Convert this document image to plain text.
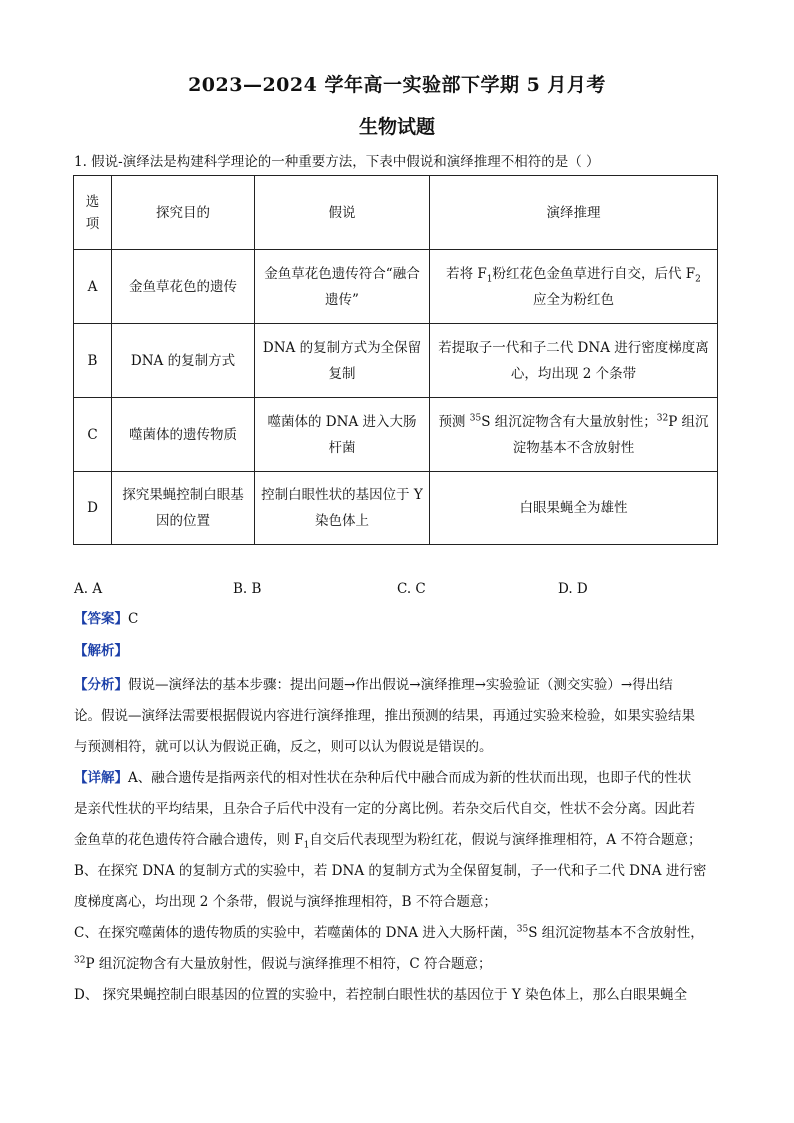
2023—2024 学年高一实验部下学期 5 月月考
生物试题
1. 假说-演绎法是构建科学理论的一种重要方法，下表中假说和演绎推理不相符的是（ ）
选项	探究目的	假说	演绎推理
A	金鱼草花色的遗传	金鱼草花色遗传符合“融合遗传”	若将 $F_1$粉红花色金鱼草进行自交，后代 $F_2$
应全为粉红色
B	DNA 的复制方式	DNA 的复制方式为全保留复制	若提取子一代和子二代 DNA 进行密度梯度离心，均出现 2 个条带
C	噬菌体的遗传物质	噬菌体的 DNA 进入大肠杆菌	预测 $^{35}$S 组沉淀物含有大量放射性；$^{32}$P 组沉淀物基本不含放射性
D	探究果蝇控制白眼基因的位置	控制白眼性状的基因位于 Y 染色体上	白眼果蝇全为雄性
A. A	B. B	C. C	D. D
【答案】C
【解析】
【分析】假说—演绎法的基本步骤：提出问题→作出假说→演绎推理→实验验证（测交实验）→得出结
论。假说—演绎法需要根据假说内容进行演绎推理，推出预测的结果，再通过实验来检验，如果实验结果
与预测相符，就可以认为假说正确，反之，则可以认为假说是错误的。
【详解】A、融合遗传是指两亲代的相对性状在杂种后代中融合而成为新的性状而出现，也即子代的性状
是亲代性状的平均结果，且杂合子后代中没有一定的分离比例。若杂交后代自交，性状不会分离。因此若
金鱼草的花色遗传符合融合遗传，则 $F_1$自交后代表现型为粉红花，假说与演绎推理相符，A 不符合题意；
B、在探究 DNA 的复制方式的实验中，若 DNA 的复制方式为全保留复制，子一代和子二代 DNA 进行密
度梯度离心，均出现 2 个条带，假说与演绎推理相符，B 不符合题意；
C、在探究噬菌体的遗传物质的实验中，若噬菌体的 DNA 进入大肠杆菌，$^{35}$S 组沉淀物基本不含放射性，
$^{32}$P 组沉淀物含有大量放射性，假说与演绎推理不相符，C 符合题意；
D、 探究果蝇控制白眼基因的位置的实验中，若控制白眼性状的基因位于 Y 染色体上，那么白眼果蝇全
